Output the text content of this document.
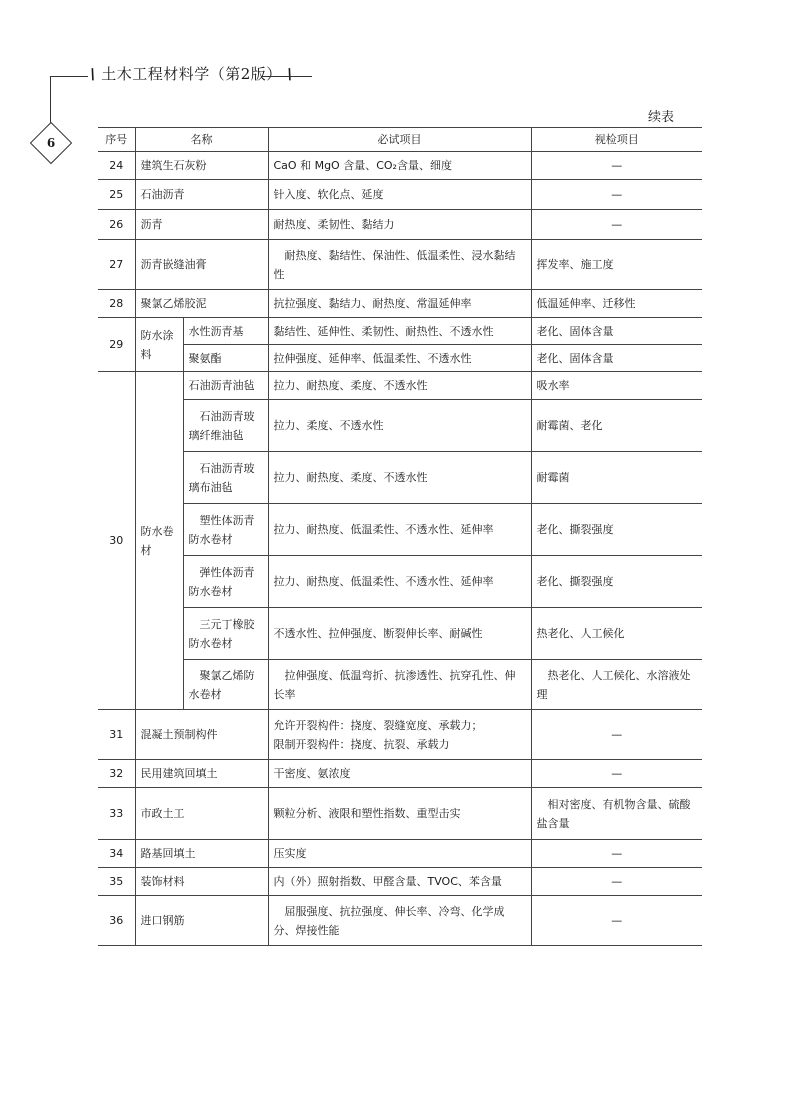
\ 土木工程材料学（第2版） \
6
续表
序号	名称		必试项目	视检项目
24	建筑生石灰粉		CaO 和 MgO 含量、CO₂含量、细度	—
25	石油沥青		针入度、软化点、延度	—
26	沥青		耐热度、柔韧性、黏结力	—
27	沥青嵌缝油膏		耐热度、黏结性、保油性、低温柔性、浸水黏结性	挥发率、施工度
28	聚氯乙烯胶泥		抗拉强度、黏结力、耐热度、常温延伸率	低温延伸率、迁移性
29	防水涂料	水性沥青基	黏结性、延伸性、柔韧性、耐热性、不透水性	老化、固体含量
		聚氨酯	拉伸强度、延伸率、低温柔性、不透水性	老化、固体含量
30	防水卷材	石油沥青油毡	拉力、耐热度、柔度、不透水性	吸水率
		石油沥青玻璃纤维油毡	拉力、柔度、不透水性	耐霉菌、老化
		石油沥青玻璃布油毡	拉力、耐热度、柔度、不透水性	耐霉菌
		塑性体沥青防水卷材	拉力、耐热度、低温柔性、不透水性、延伸率	老化、撕裂强度
		弹性体沥青防水卷材	拉力、耐热度、低温柔性、不透水性、延伸率	老化、撕裂强度
		三元丁橡胶防水卷材	不透水性、拉伸强度、断裂伸长率、耐碱性	热老化、人工候化
		聚氯乙烯防水卷材	拉伸强度、低温弯折、抗渗透性、抗穿孔性、伸长率	热老化、人工候化、水溶液处理
31	混凝土预制构件		允许开裂构件：挠度、裂缝宽度、承载力；
限制开裂构件：挠度、抗裂、承载力	—
32	民用建筑回填土		干密度、氨浓度	—
33	市政土工		颗粒分析、液限和塑性指数、重型击实	相对密度、有机物含量、硫酸盐含量
34	路基回填土		压实度	—
35	装饰材料		内（外）照射指数、甲醛含量、TVOC、苯含量	—
36	进口钢筋		屈服强度、抗拉强度、伸长率、冷弯、化学成分、焊接性能	—
